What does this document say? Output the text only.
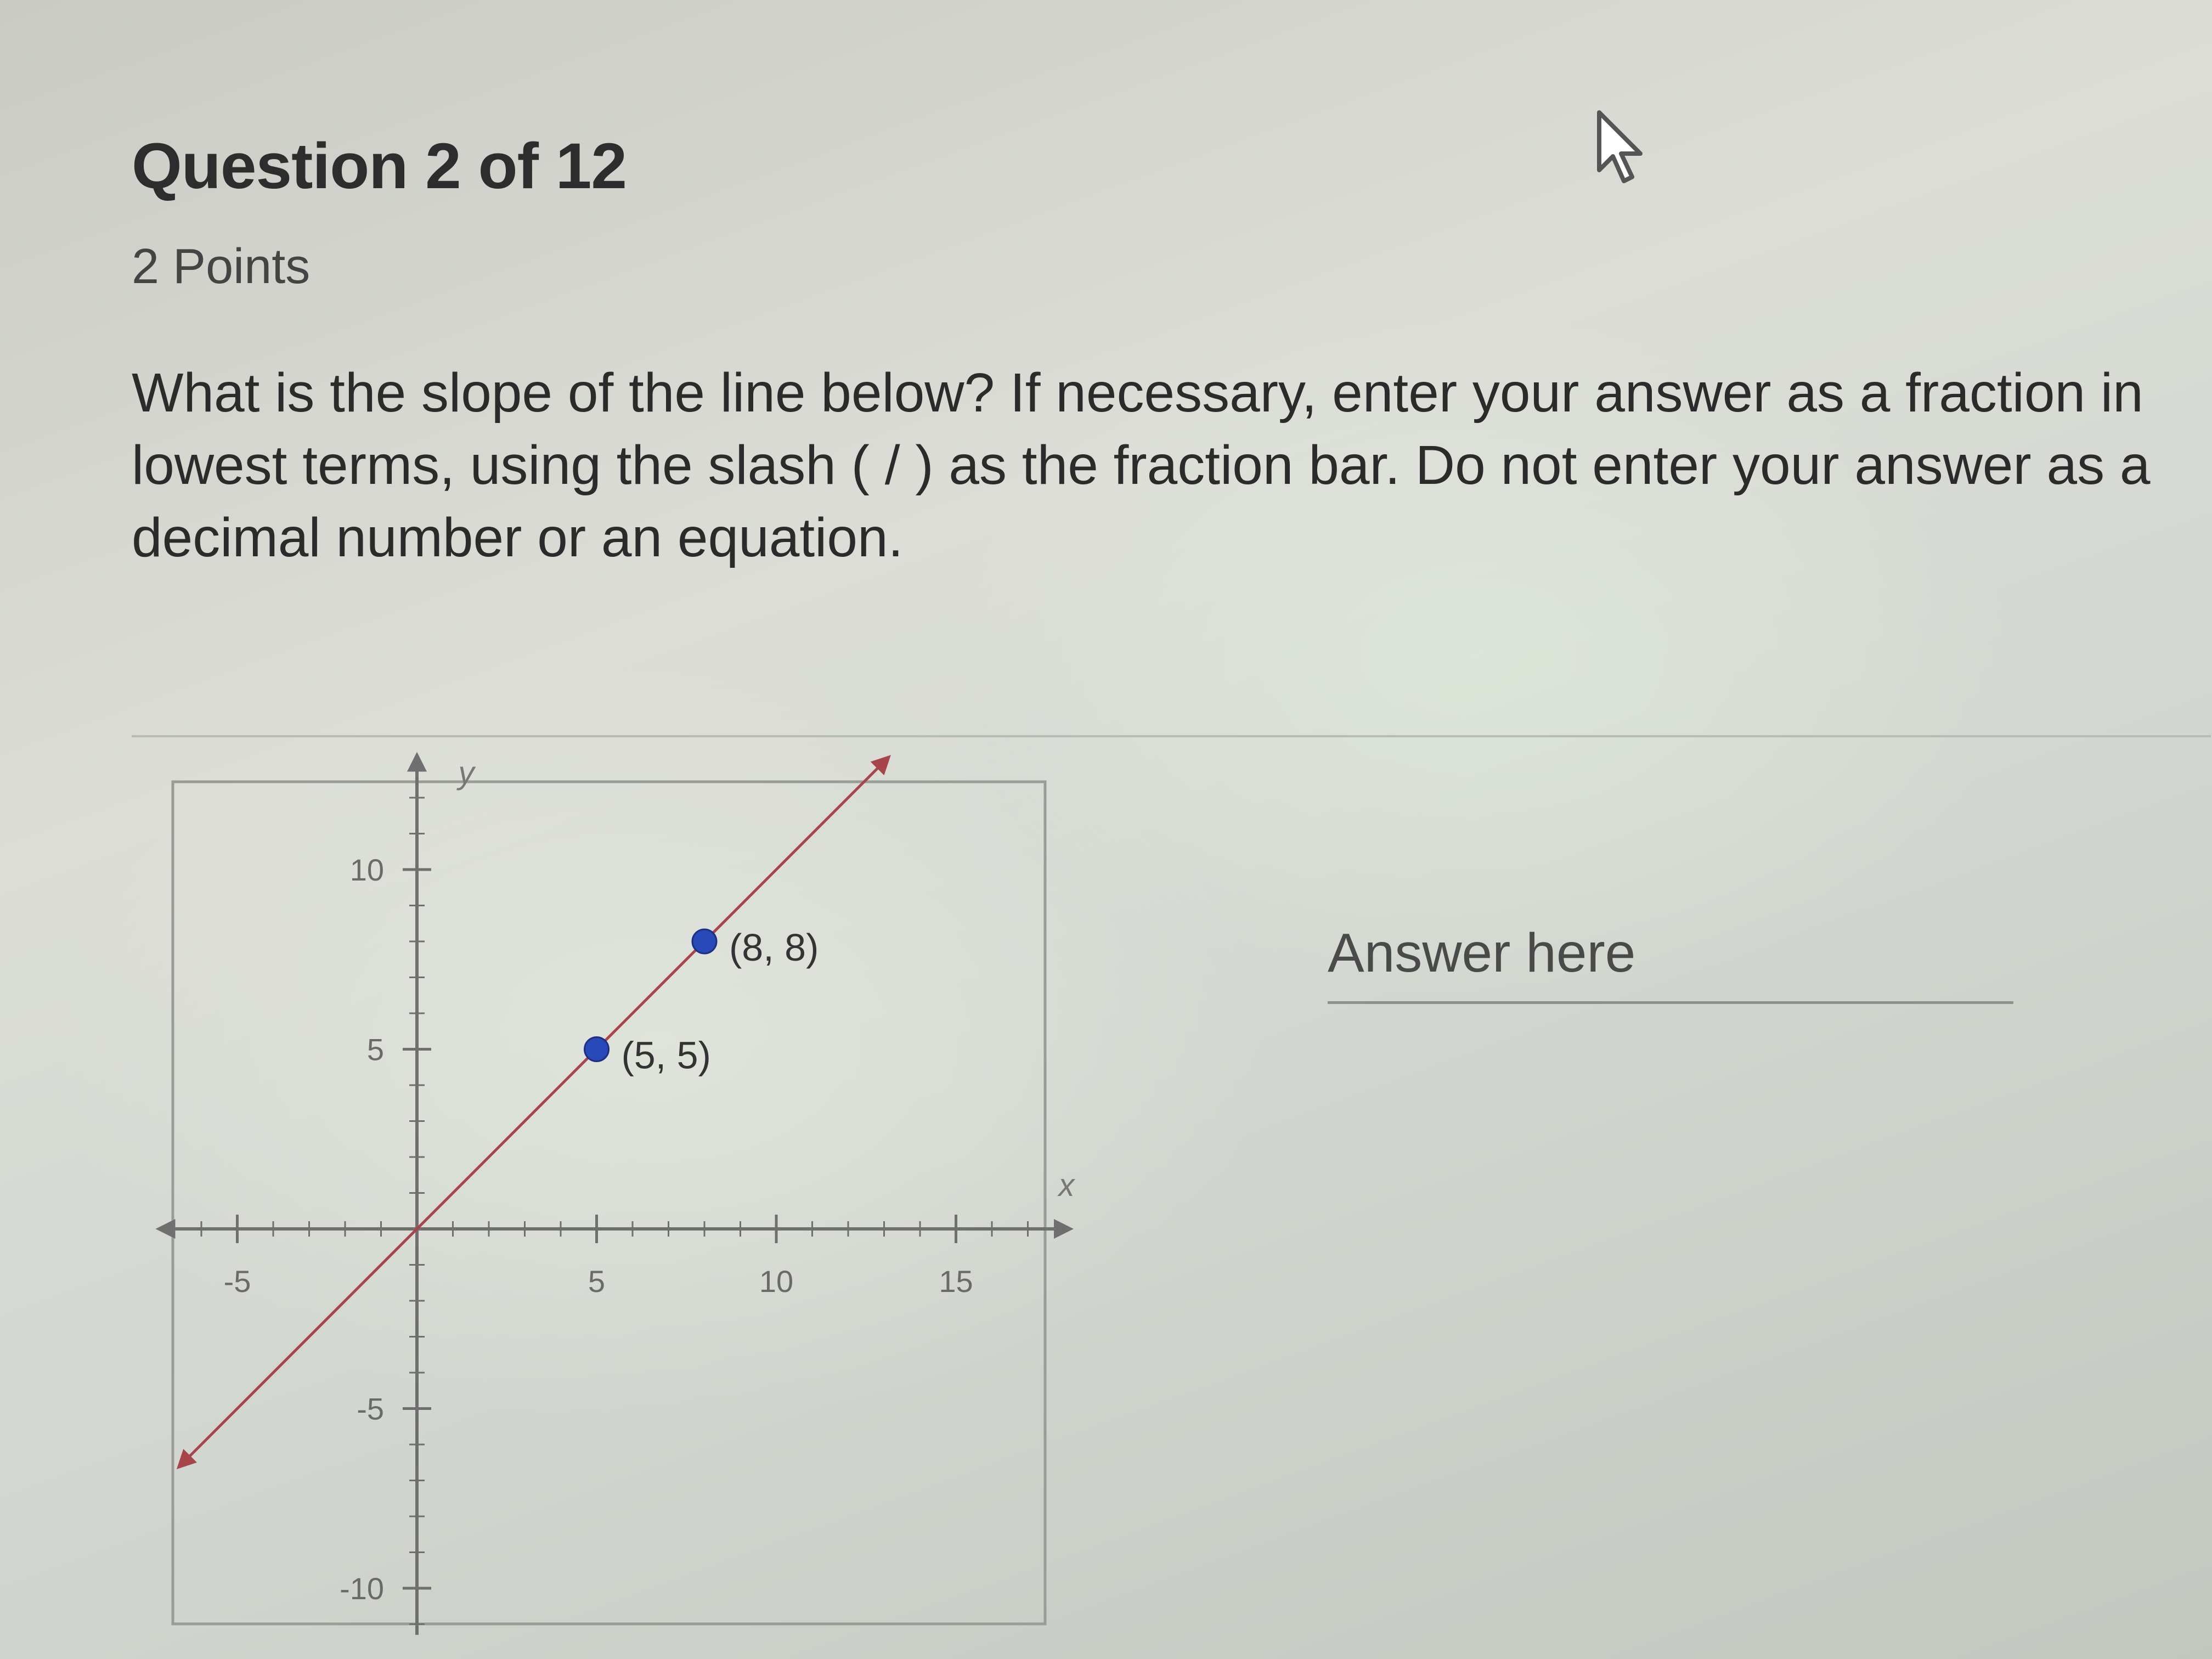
Question 2 of 12
2 Points
What is the slope of the line below? If necessary, enter your answer as a fraction in lowest terms, using the slash ( / ) as the fraction bar. Do not enter your answer as a decimal number or an equation.
-5	5	10	15
10
5
-5
-10
x
y
(5, 5)
(8, 8)
Answer here
